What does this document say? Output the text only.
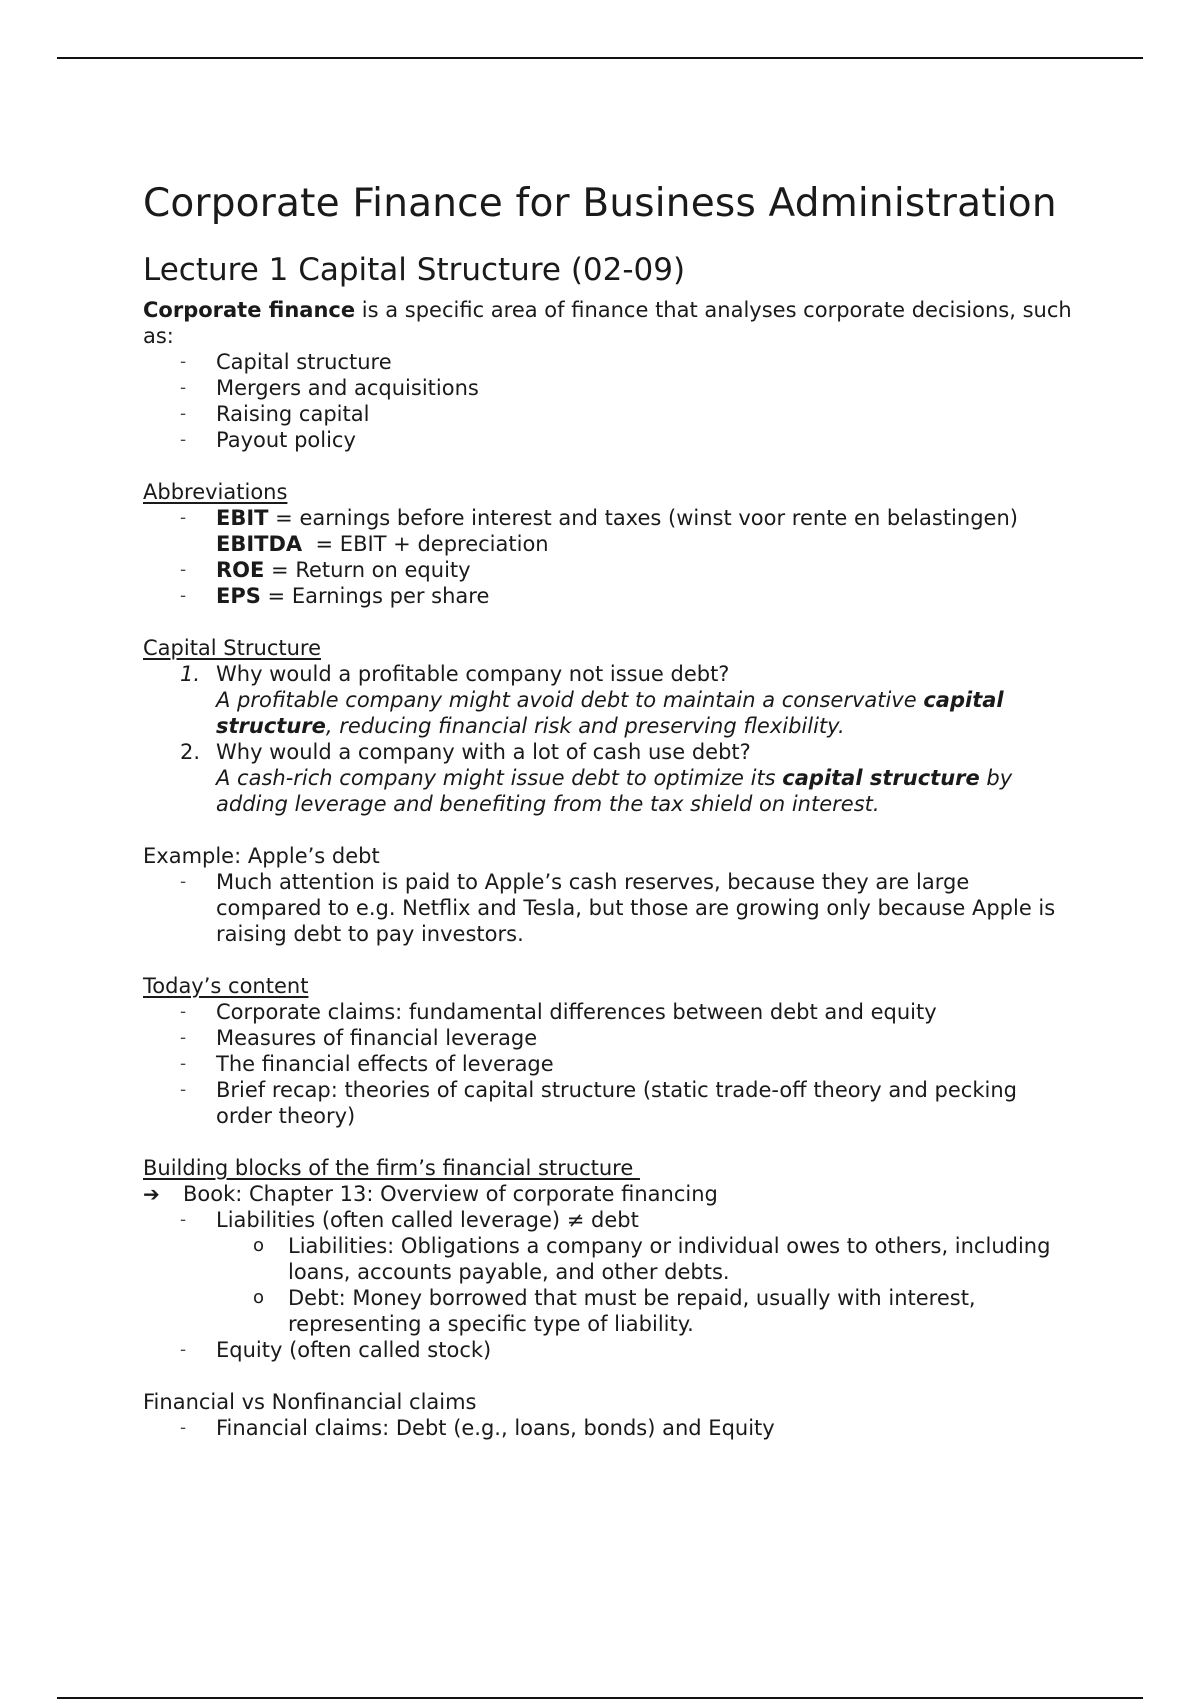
Corporate Finance for Business Administration
Lecture 1 Capital Structure (02-09)

Corporate finance is a specific area of finance that analyses corporate decisions, such as:

-	Capital structure
-	Mergers and acquisitions
-	Raising capital
-	Payout policy

Abbreviations

-	EBIT = earnings before interest and taxes (winst voor rente en belastingen)
EBITDA  = EBIT + depreciation
-	ROE = Return on equity
-	EPS = Earnings per share

Capital Structure

1. Why would a profitable company not issue debt?
A profitable company might avoid debt to maintain a conservative capital structure, reducing financial risk and preserving flexibility.
2. Why would a company with a lot of cash use debt?
A cash-rich company might issue debt to optimize its capital structure by adding leverage and benefiting from the tax shield on interest.

Example: Apple’s debt

-	Much attention is paid to Apple’s cash reserves, because they are large compared to e.g. Netflix and Tesla, but those are growing only because Apple is raising debt to pay investors.

Today’s content

-	Corporate claims: fundamental differences between debt and equity
-	Measures of financial leverage
-	The financial effects of leverage
-	Brief recap: theories of capital structure (static trade-off theory and pecking order theory)

Building blocks of the firm’s financial structure

➔ Book: Chapter 13: Overview of corporate financing
-	Liabilities (often called leverage) ≠ debt
o	Liabilities: Obligations a company or individual owes to others, including loans, accounts payable, and other debts.
o	Debt: Money borrowed that must be repaid, usually with interest, representing a specific type of liability.
-	Equity (often called stock)

Financial vs Nonfinancial claims

-	Financial claims: Debt (e.g., loans, bonds) and Equity
